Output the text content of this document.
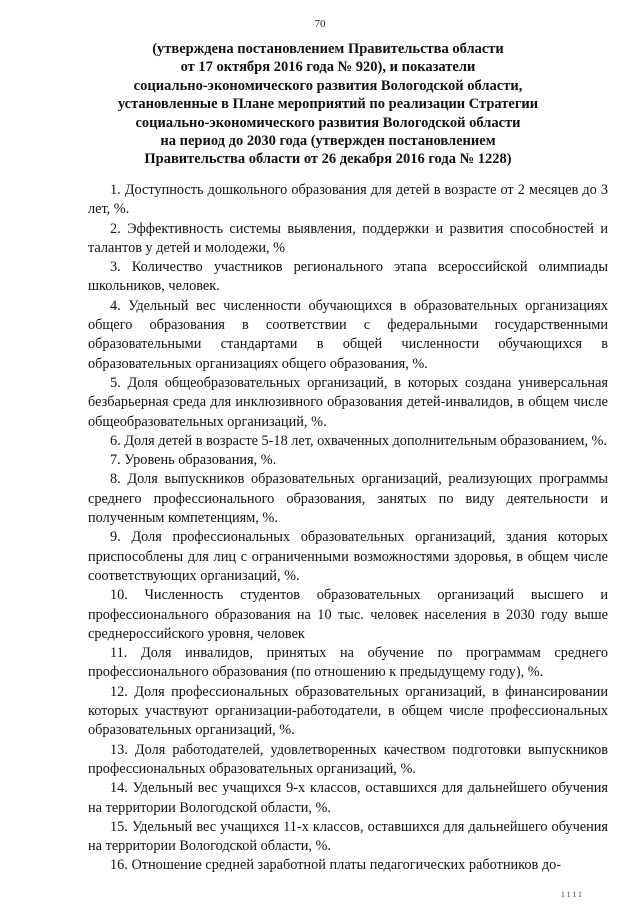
70
(утверждена постановлением Правительства области
от 17 октября 2016 года № 920), и показатели
социально-экономического развития Вологодской области,
установленные в Плане мероприятий по реализации Стратегии
социально-экономического развития Вологодской области
на период до 2030 года (утвержден постановлением
Правительства области от 26 декабря 2016 года № 1228)

1. Доступность дошкольного образования для детей в возрасте от 2 месяцев до 3 лет, %.

2. Эффективность системы выявления, поддержки и развития способностей и талантов у детей и молодежи, %

3. Количество участников регионального этапа всероссийской олимпиады школьников, человек.

4. Удельный вес численности обучающихся в образовательных организациях общего образования в соответствии с федеральными государственными образовательными стандартами в общей численности обучающихся в образовательных организациях общего образования, %.

5. Доля общеобразовательных организаций, в которых создана универсальная безбарьерная среда для инклюзивного образования детей-инвалидов, в общем числе общеобразовательных организаций, %.

6. Доля детей в возрасте 5-18 лет, охваченных дополнительным образованием, %.

7. Уровень образования, %.

8. Доля выпускников образовательных организаций, реализующих программы среднего профессионального образования, занятых по виду деятельности и полученным компетенциям, %.

9. Доля профессиональных образовательных организаций, здания которых приспособлены для лиц с ограниченными возможностями здоровья, в общем числе соответствующих организаций, %.

10. Численность студентов образовательных организаций высшего и профессионального образования на 10 тыс. человек населения в 2030 году выше среднероссийского уровня, человек

11. Доля инвалидов, принятых на обучение по программам среднего профессионального образования (по отношению к предыдущему году), %.

12. Доля профессиональных образовательных организаций, в финансировании которых участвуют организации-работодатели, в общем числе профессиональных образовательных организаций, %.

13. Доля работодателей, удовлетворенных качеством подготовки выпускников профессиональных образовательных организаций, %.

14. Удельный вес учащихся 9-х классов, оставшихся для дальнейшего обучения на территории Вологодской области, %.

15. Удельный вес учащихся 11-х классов, оставшихся для дальнейшего обучения на территории Вологодской области, %.

16. Отношение средней заработной платы педагогических работников до-

1111
